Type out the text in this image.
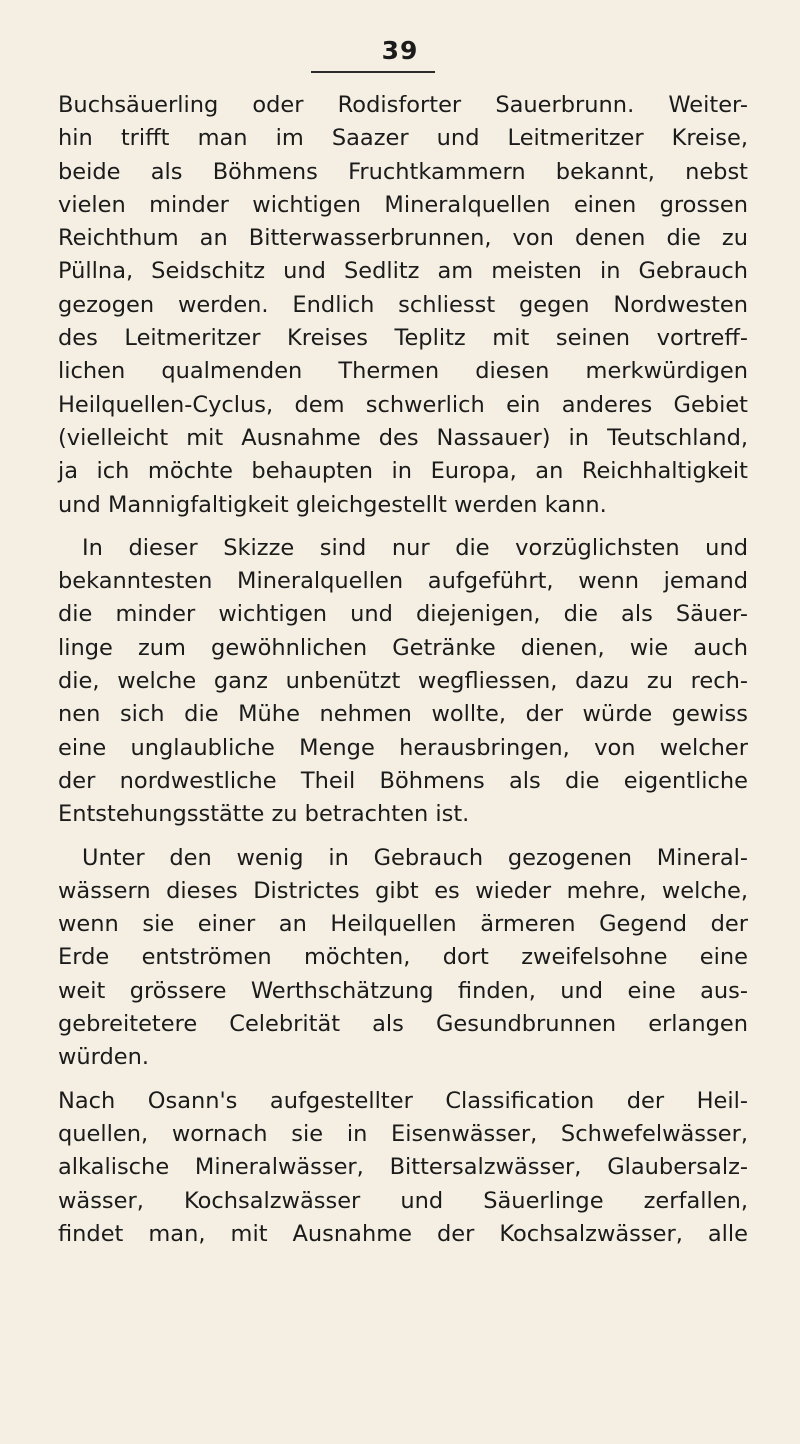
39

Buchsäuerling oder Rodisforter Sauerbrunn. Weiter-
hin trifft man im Saazer und Leitmeritzer Kreise,
beide als Böhmens Fruchtkammern bekannt, nebst
vielen minder wichtigen Mineralquellen einen grossen
Reichthum an Bitterwasserbrunnen, von denen die zu
Püllna, Seidschitz und Sedlitz am meisten in Gebrauch
gezogen werden. Endlich schliesst gegen Nordwesten
des Leitmeritzer Kreises Teplitz mit seinen vortreff-
lichen qualmenden Thermen diesen merkwürdigen
Heilquellen-Cyclus, dem schwerlich ein anderes Gebiet
(vielleicht mit Ausnahme des Nassauer) in Teutschland,
ja ich möchte behaupten in Europa, an Reichhaltigkeit
und Mannigfaltigkeit gleichgestellt werden kann.

In dieser Skizze sind nur die vorzüglichsten und
bekanntesten Mineralquellen aufgeführt, wenn jemand
die minder wichtigen und diejenigen, die als Säuer-
linge zum gewöhnlichen Getränke dienen, wie auch
die, welche ganz unbenützt wegfliessen, dazu zu rech-
nen sich die Mühe nehmen wollte, der würde gewiss
eine unglaubliche Menge herausbringen, von welcher
der nordwestliche Theil Böhmens als die eigentliche
Entstehungsstätte zu betrachten ist.

Unter den wenig in Gebrauch gezogenen Mineral-
wässern dieses Districtes gibt es wieder mehre, welche,
wenn sie einer an Heilquellen ärmeren Gegend der
Erde entströmen möchten, dort zweifelsohne eine
weit grössere Werthschätzung finden, und eine aus-
gebreitetere Celebrität als Gesundbrunnen erlangen
würden.

Nach Osann's aufgestellter Classification der Heil-
quellen, wornach sie in Eisenwässer, Schwefelwässer,
alkalische Mineralwässer, Bittersalzwässer, Glaubersalz-
wässer, Kochsalzwässer und Säuerlinge zerfallen,
findet man, mit Ausnahme der Kochsalzwässer, alle
